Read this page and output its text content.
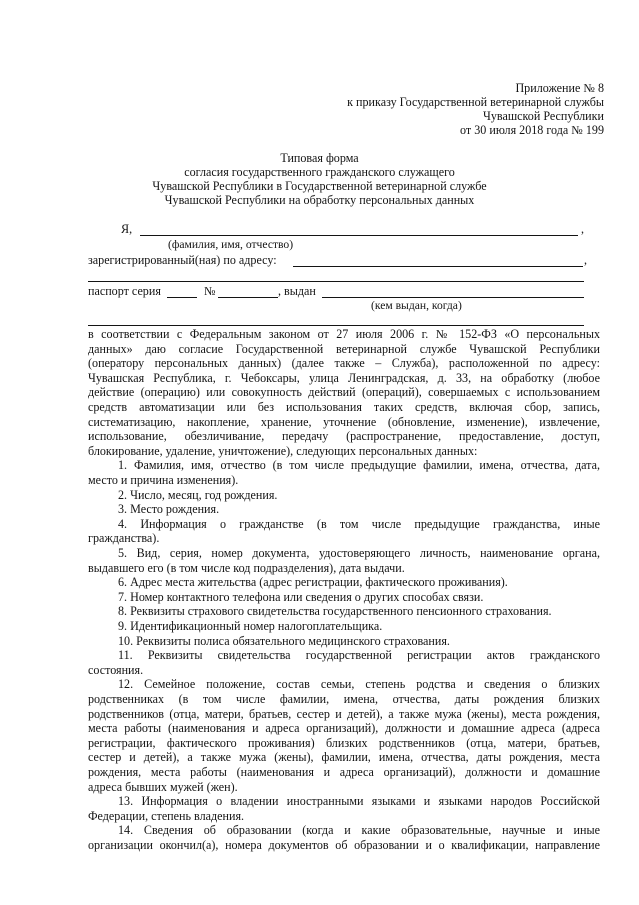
Приложение № 8
к приказу Государственной ветеринарной службы
Чувашской Республики
от 30 июля 2018 года № 199
Типовая форма
согласия государственного гражданского служащего
Чувашской Республики в Государственной ветеринарной службе
Чувашской Республики на обработку персональных данных
Я,	,
(фамилия, имя, отчество)
зарегистрированный(ная) по адресу:	,
паспорт серия	№	, выдан
(кем выдан, когда)
в соответствии с Федеральным законом от 27 июля 2006 г. № 152-ФЗ «О персональных
данных» даю согласие Государственной ветеринарной службе Чувашской Республики
(оператору персональных данных) (далее также – Служба), расположенной по адресу:
Чувашская Республика, г. Чебоксары, улица Ленинградская, д. 33, на обработку (любое
действие (операцию) или совокупность действий (операций), совершаемых с использованием
средств автоматизации или без использования таких средств, включая сбор, запись,
систематизацию, накопление, хранение, уточнение (обновление, изменение), извлечение,
использование, обезличивание, передачу (распространение, предоставление, доступ,
блокирование, удаление, уничтожение), следующих персональных данных:
1. Фамилия, имя, отчество (в том числе предыдущие фамилии, имена, отчества, дата,
место и причина изменения).
2. Число, месяц, год рождения.
3. Место рождения.
4. Информация о гражданстве (в том числе предыдущие гражданства, иные
гражданства).
5. Вид, серия, номер документа, удостоверяющего личность, наименование органа,
выдавшего его (в том числе код подразделения), дата выдачи.
6. Адрес места жительства (адрес регистрации, фактического проживания).
7. Номер контактного телефона или сведения о других способах связи.
8. Реквизиты страхового свидетельства государственного пенсионного страхования.
9. Идентификационный номер налогоплательщика.
10. Реквизиты полиса обязательного медицинского страхования.
11. Реквизиты свидетельства государственной регистрации актов гражданского
состояния.
12. Семейное положение, состав семьи, степень родства и сведения о близких
родственниках (в том числе фамилии, имена, отчества, даты рождения близких
родственников (отца, матери, братьев, сестер и детей), а также мужа (жены), места рождения,
места работы (наименования и адреса организаций), должности и домашние адреса (адреса
регистрации, фактического проживания) близких родственников (отца, матери, братьев,
сестер и детей), а также мужа (жены), фамилии, имена, отчества, даты рождения, места
рождения, места работы (наименования и адреса организаций), должности и домашние
адреса бывших мужей (жен).
13. Информация о владении иностранными языками и языками народов Российской
Федерации, степень владения.
14. Сведения об образовании (когда и какие образовательные, научные и иные
организации окончил(а), номера документов об образовании и о квалификации, направление
